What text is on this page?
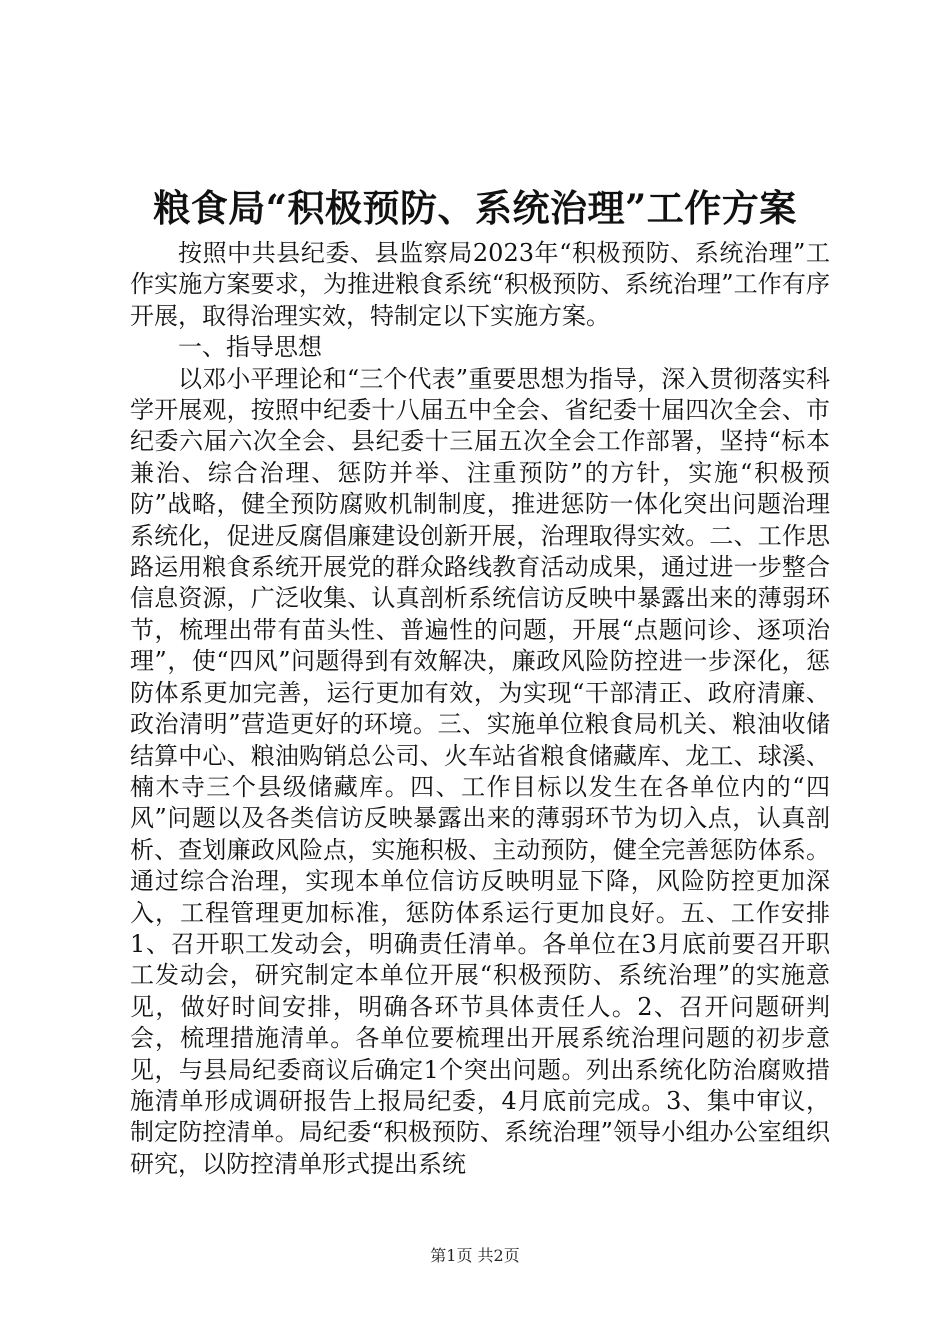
粮食局“积极预防、系统治理”工作方案

按照中共县纪委、县监察局2023年“积极预防、系统治理”工作实施方案要求，为推进粮食系统“积极预防、系统治理”工作有序开展，取得治理实效，特制定以下实施方案。

一、指导思想

以邓小平理论和“三个代表”重要思想为指导，深入贯彻落实科学开展观，按照中纪委十八届五中全会、省纪委十届四次全会、市纪委六届六次全会、县纪委十三届五次全会工作部署，坚持“标本兼治、综合治理、惩防并举、注重预防”的方针，实施“积极预防”战略，健全预防腐败机制制度，推进惩防一体化突出问题治理系统化，促进反腐倡廉建设创新开展，治理取得实效。二、工作思路运用粮食系统开展党的群众路线教育活动成果，通过进一步整合信息资源，广泛收集、认真剖析系统信访反映中暴露出来的薄弱环节，梳理出带有苗头性、普遍性的问题，开展“点题问诊、逐项治理”，使“四风”问题得到有效解决，廉政风险防控进一步深化，惩防体系更加完善，运行更加有效，为实现“干部清正、政府清廉、政治清明”营造更好的环境。三、实施单位粮食局机关、粮油收储结算中心、粮油购销总公司、火车站省粮食储藏库、龙工、球溪、楠木寺三个县级储藏库。四、工作目标以发生在各单位内的“四风”问题以及各类信访反映暴露出来的薄弱环节为切入点，认真剖析、查划廉政风险点，实施积极、主动预防，健全完善惩防体系。通过综合治理，实现本单位信访反映明显下降，风险防控更加深入，工程管理更加标准，惩防体系运行更加良好。五、工作安排1、召开职工发动会，明确责任清单。各单位在3月底前要召开职工发动会，研究制定本单位开展“积极预防、系统治理”的实施意见，做好时间安排，明确各环节具体责任人。2、召开问题研判会，梳理措施清单。各单位要梳理出开展系统治理问题的初步意见，与县局纪委商议后确定1个突出问题。列出系统化防治腐败措施清单形成调研报告上报局纪委，4月底前完成。3、集中审议，制定防控清单。局纪委“积极预防、系统治理”领导小组办公室组织研究，以防控清单形式提出系统

第1页 共2页
